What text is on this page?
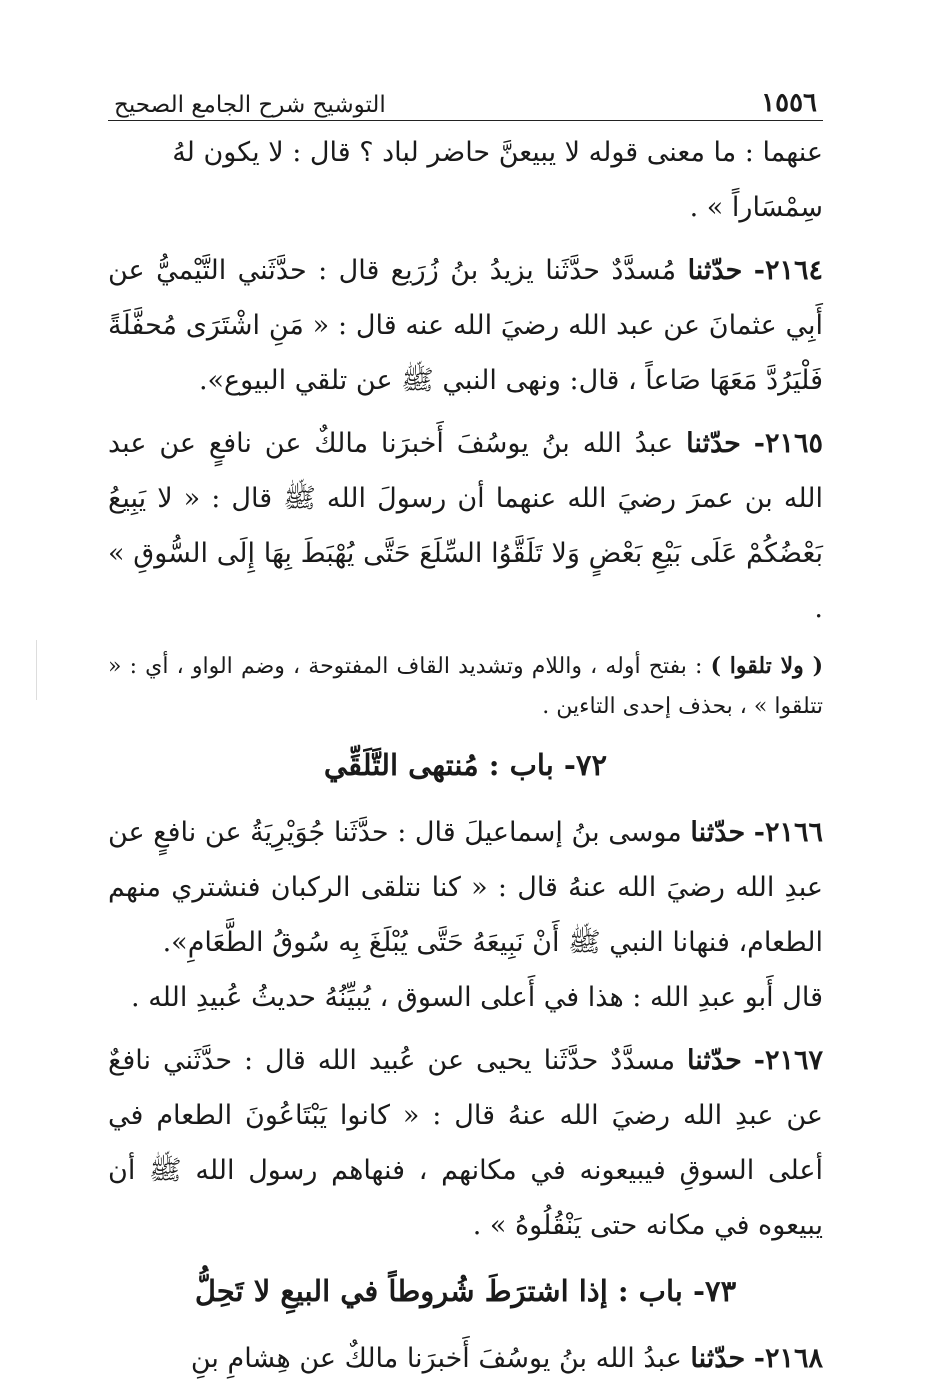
١٥٥٦
التوشيح شرح الجامع الصحيح

عنهما : ما معنى قوله لا يبيعنَّ حاضر لباد ؟ قال : لا يكون لهُ

سِمْسَاراً » .

٢١٦٤- حدّثنا مُسدَّدٌ حدَّثَنا يزيدُ بنُ زُرَيع قال : حدَّثَني التَّيْميُّ عن أَبِي عثمانَ عن عبد الله رضيَ الله عنه قال : « مَنِ اشْتَرَى مُحفَّلَةً فَلْيَرُدَّ مَعَهَا صَاعاً ، قال: ونهى النبي ﷺ عن تلقي البيوع».

٢١٦٥- حدّثنا عبدُ الله بنُ يوسُفَ أَخبرَنا مالكٌ عن نافعٍ عن عبد الله بن عمرَ رضيَ الله عنهما أن رسولَ الله ﷺ قال : « لا يَبِيعُ بَعْضُكُمْ عَلَى بَيْعِ بَعْضٍ وَلا تَلَقَّوُا السِّلَعَ حَتَّى يُهْبَطَ بِهَا إِلَى السُّوقِ » .

( ولا تلقوا ) : بفتح أوله ، واللام وتشديد القاف المفتوحة ، وضم الواو ، أي : « تتلقوا » ، بحذف إحدى التاءين .

٧٢- باب : مُنتهى التَّلَقِّي

٢١٦٦- حدّثنا موسى بنُ إسماعيلَ قال : حدَّثَنا جُوَيْرِيَةُ عن نافعٍ عن عبدِ الله رضيَ الله عنهُ قال : « كنا نتلقى الركبان فنشتري منهم الطعام، فنهانا النبي ﷺ أَنْ نَبِيعَهُ حَتَّى يُبْلَغَ بِه سُوقُ الطَّعَامِ».

قال أَبو عبدِ الله : هذا في أَعلى السوق ، يُبيِّنُهُ حديثُ عُبيدِ الله .

٢١٦٧- حدّثنا مسدَّدٌ حدَّثَنا يحيى عن عُبيد الله قال : حدَّثَني نافعٌ عن عبدِ الله رضيَ الله عنهُ قال : « كانوا يَبْتَاعُونَ الطعام في أعلى السوقِ فيبيعونه في مكانهم ، فنهاهم رسول الله ﷺ أن يبيعوه في مكانه حتى يَنْقُلُوهُ » .

٧٣- باب : إذا اشترَطَ شُروطاً في البيعِ لا تَحِلُّ

٢١٦٨- حدّثنا عبدُ الله بنُ يوسُفَ أَخبرَنا مالكٌ عن هِشامِ بنِ
